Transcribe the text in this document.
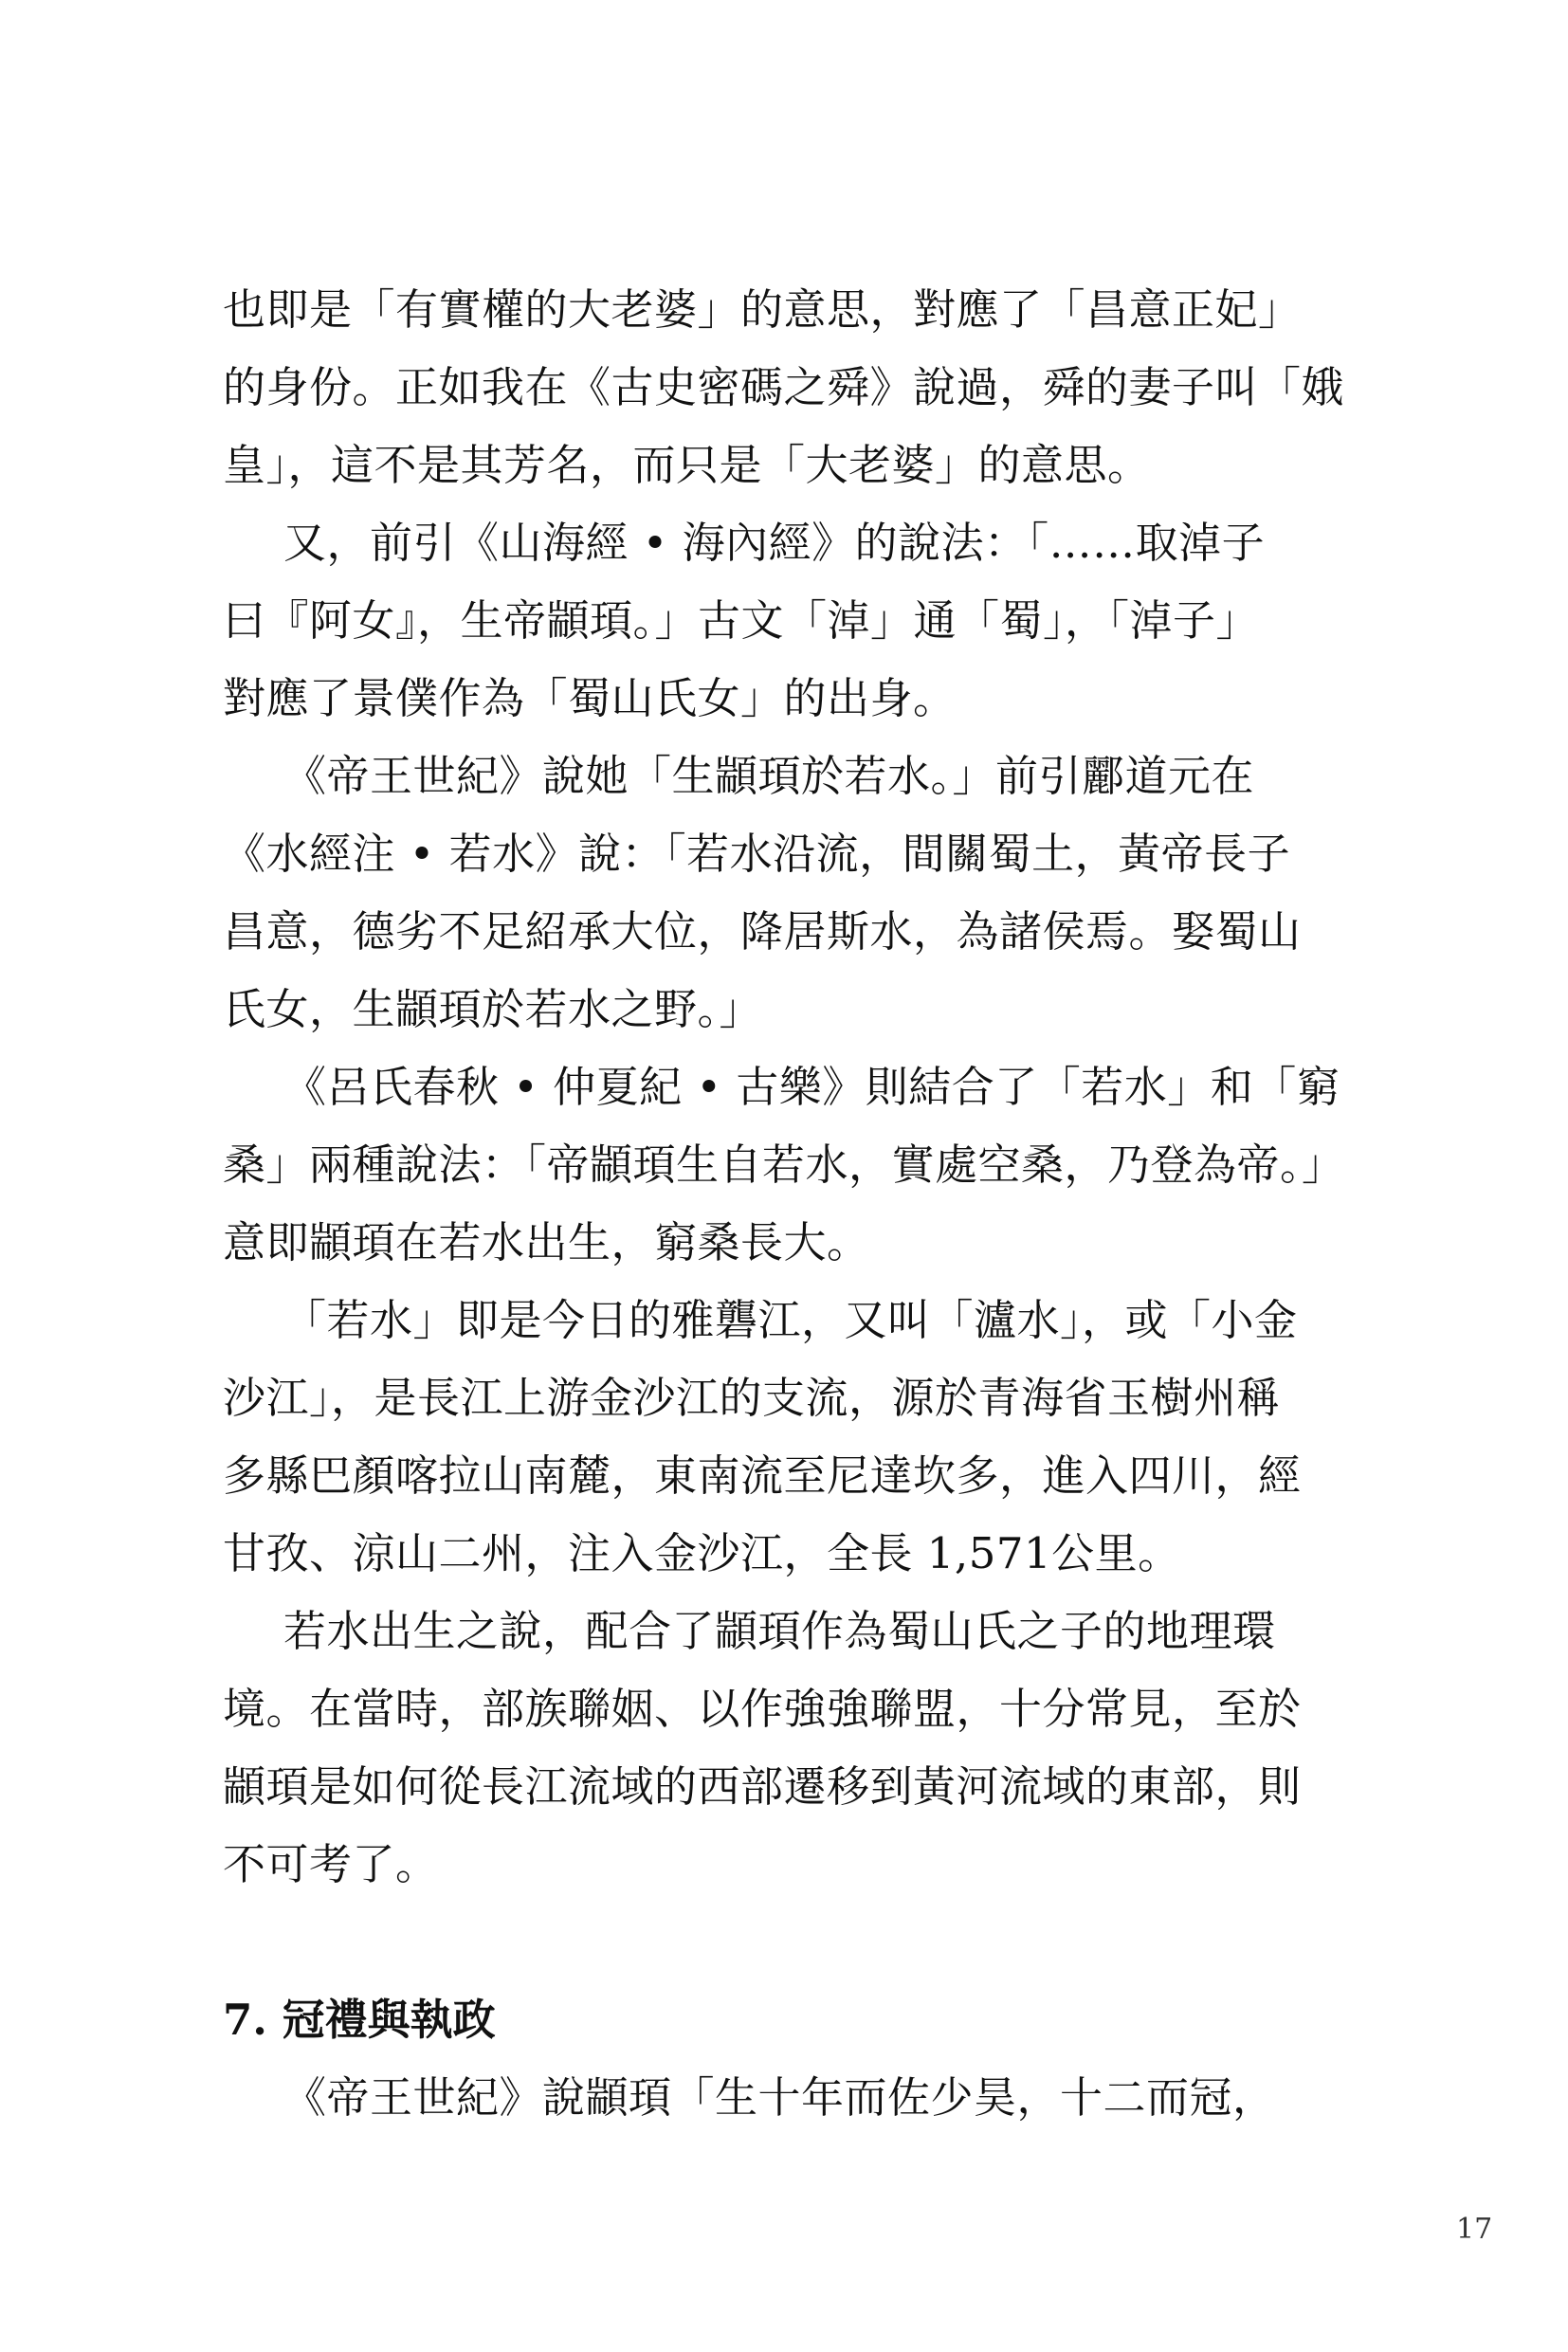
也即是「有實權的大老婆」的意思，對應了「昌意正妃」
的身份。正如我在《古史密碼之舜》說過，舜的妻子叫「娥
皇」，這不是其芳名，而只是「大老婆」的意思。
又，前引《山海經 • 海內經》的說法：「……取淖子
曰『阿女』，生帝顓頊。」古文「淖」通「蜀」，「淖子」
對應了景僕作為「蜀山氏女」的出身。
《帝王世紀》說她「生顓頊於若水。」前引酈道元在
《水經注 • 若水》說：「若水沿流，間關蜀土，黃帝長子
昌意，德劣不足紹承大位，降居斯水，為諸侯焉。娶蜀山
氏女，生顓頊於若水之野。」
《呂氏春秋 • 仲夏紀 • 古樂》則結合了「若水」和「窮
桑」兩種說法：「帝顓頊生自若水，實處空桑，乃登為帝。」
意即顓頊在若水出生，窮桑長大。
「若水」即是今日的雅礱江，又叫「瀘水」，或「小金
沙江」，是長江上游金沙江的支流，源於青海省玉樹州稱
多縣巴顏喀拉山南麓，東南流至尼達坎多，進入四川，經
甘孜、涼山二州，注入金沙江，全長 1,571公里。
若水出生之說，配合了顓頊作為蜀山氏之子的地理環
境。在當時，部族聯姻、以作強強聯盟，十分常見，至於
顓頊是如何從長江流域的西部遷移到黃河流域的東部，則
不可考了。
7. 冠禮與執政
《帝王世紀》說顓頊「生十年而佐少昊，十二而冠，
17
